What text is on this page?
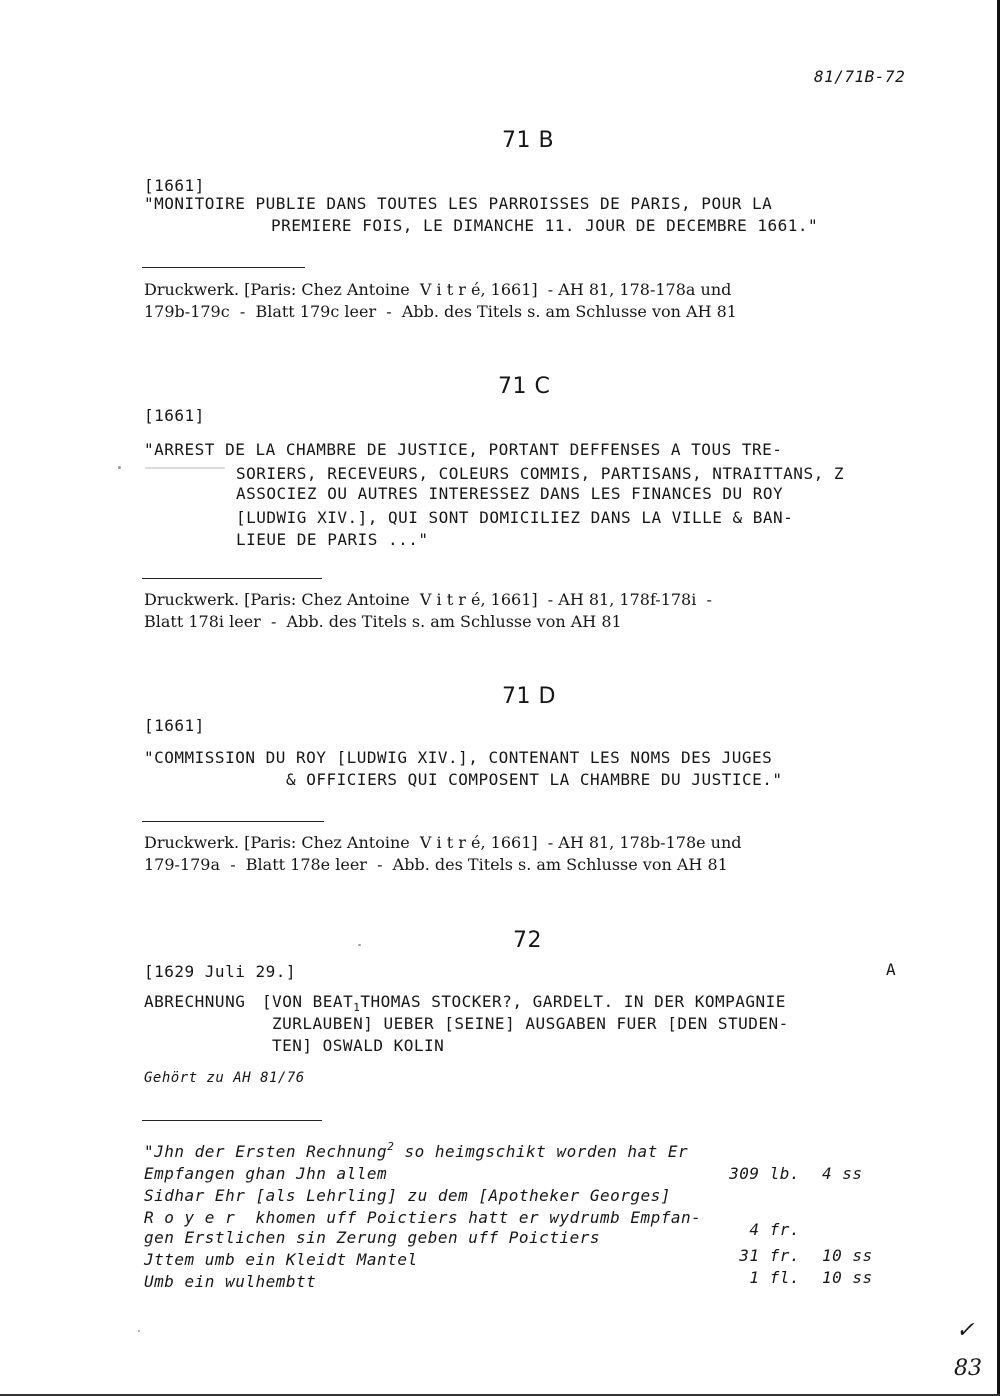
81/71B-72
71 B
[1661]
"MONITOIRE PUBLIE DANS TOUTES LES PARROISSES DE PARIS, POUR LA
PREMIERE FOIS, LE DIMANCHE 11. JOUR DE DECEMBRE 1661."
Druckwerk. [Paris: Chez Antoine  V i t r é, 1661]  - AH 81, 178-178a und
179b-179c  -  Blatt 179c leer  -  Abb. des Titels s. am Schlusse von AH 81
71 C
[1661]
"ARREST DE LA CHAMBRE DE JUSTICE, PORTANT DEFFENSES A TOUS TRE-
SORIERS, RECEVEURS, COLEURS COMMIS, PARTISANS, NTRAITTANS, Z
ASSOCIEZ OU AUTRES INTERESSEZ DANS LES FINANCES DU ROY
[LUDWIG XIV.], QUI SONT DOMICILIEZ DANS LA VILLE & BAN-
LIEUE DE PARIS ..."
Druckwerk. [Paris: Chez Antoine  V i t r é, 1661]  - AH 81, 178f-178i  -
Blatt 178i leer  -  Abb. des Titels s. am Schlusse von AH 81
71 D
[1661]
"COMMISSION DU ROY [LUDWIG XIV.], CONTENANT LES NOMS DES JUGES
& OFFICIERS QUI COMPOSENT LA CHAMBRE DU JUSTICE."
Druckwerk. [Paris: Chez Antoine  V i t r é, 1661]  - AH 81, 178b-178e und
179-179a  -  Blatt 178e leer  -  Abb. des Titels s. am Schlusse von AH 81
72
[1629 Juli 29.]	A
ABRECHNUNG [VON $BEAT_1THOMAS$ STOCKER?, GARDELT. IN DER KOMPAGNIE
ZURLAUBEN] UEBER [SEINE] AUSGABEN FUER [DEN STUDEN-
TEN] OSWALD KOLIN
Gehört zu AH 81/76
"Jhn der Ersten Rechnung$^2$ so heimgschikt worden hat Er
Empfangen ghan Jhn allem	309 lb. 4 ss
Sidhar Ehr [als Lehrling] zu dem [Apotheker Georges]
R o y e r  khomen uff Poictiers hatt er wydrumb Empfan-
gen Erstlichen sin Zerung geben uff Poictiers	4 fr.
Jttem umb ein Kleidt Mantel	31 fr. 10 ss
Umb ein wulhembtt	1 fl. 10 ss
✓
83
